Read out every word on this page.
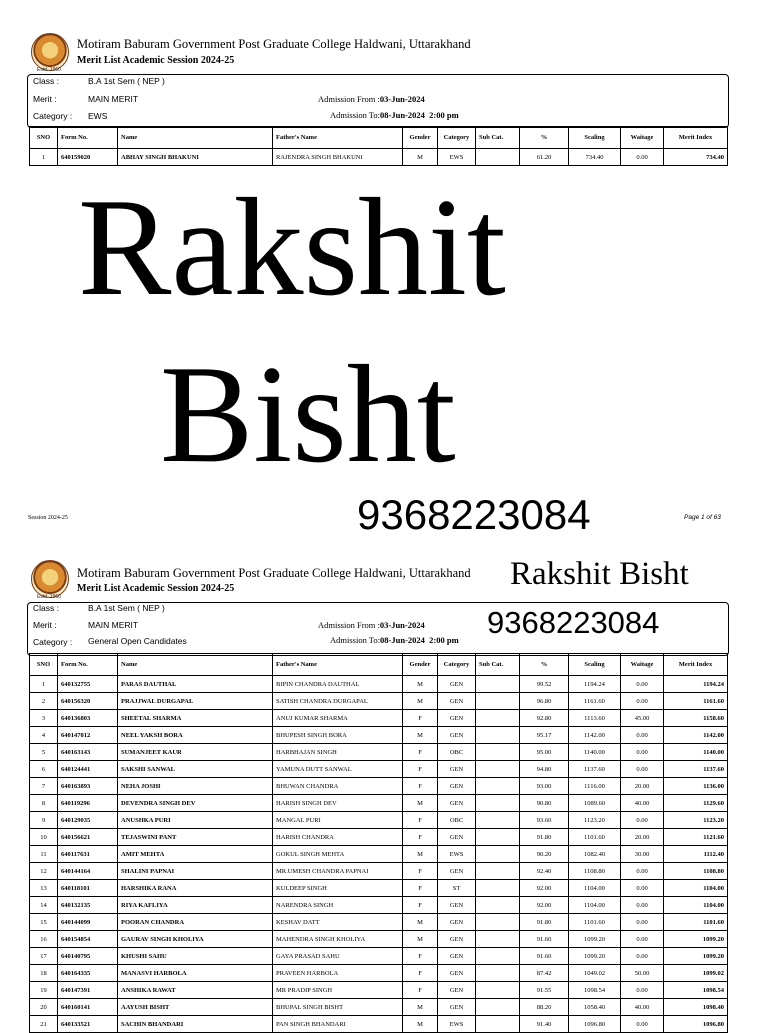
Estd. 1960
Motiram Baburam Government Post Graduate College Haldwani, Uttarakhand
Merit List Academic Session 2024-25
Class :	B.A 1st Sem ( NEP )
Merit :	MAIN MERIT
Category : EWS
Admission From :03-Jun-2024
Admission To:08-Jun-2024 2:00 pm
SNO	Form No.	Name	Father's Name	Gender	Category	Sub Cat.	%	Scaling	Waitage	Merit Index
1	640159020	ABHAY SINGH BHAKUNI	RAJENDRA SINGH BHAKUNI	M	EWS		61.20	734.40	0.00	734.40
Rakshit
Bisht
9368223084
Session 2024-25	Page 1 of 63
Estd. 1960
Motiram Baburam Government Post Graduate College Haldwani, Uttarakhand
Merit List Academic Session 2024-25	Rakshit Bisht
Class :	B.A 1st Sem ( NEP )
Merit :	MAIN MERIT
Category : General Open Candidates
Admission From :03-Jun-2024
Admission To:08-Jun-2024 2:00 pm 9368223084
SNO	Form No.	Name	Father's Name	Gender	Category	Sub Cat.	%	Scaling	Waitage	Merit Index
1	640132755	PARAS DAUTHAL	BIPIN CHANDRA DAUTHAL	M	GEN		99.52	1194.24	0.00	1194.24
2	640156320	PRAJJWAL DURGAPAL	SATISH CHANDRA DURGAPAL	M	GEN		96.80	1161.60	0.00	1161.60
3	640136803	SHEETAL SHARMA	ANUJ KUMAR SHARMA	F	GEN		92.80	1113.60	45.00	1158.60
4	640147012	NEEL YAKSH BORA	BHUPESH SINGH BORA	M	GEN		95.17	1142.00	0.00	1142.00
5	640163143	SUMANJEET KAUR	HARBHAJAN SINGH	F	OBC		95.00	1140.00	0.00	1140.00
6	640124441	SAKSHI SANWAL	YAMUNA DUTT SANWAL	F	GEN		94.80	1137.60	0.00	1137.60
7	640163893	NEHA JOSHI	BHUWAN CHANDRA	F	GEN		93.00	1116.00	20.00	1136.00
8	640119296	DEVENDRA SINGH DEV	HARISH SINGH DEV	M	GEN		90.80	1089.60	40.00	1129.60
9	640129035	ANUSHKA PURI	MANGAL PURI	F	OBC		93.60	1123.20	0.00	1123.20
10	640156621	TEJASWINI PANT	HARISH CHANDRA	F	GEN		91.80	1101.60	20.00	1121.60
11	640117631	AMIT MEHTA	GOKUL SINGH MEHTA	M	EWS		90.20	1082.40	30.00	1112.40
12	640144164	SHALINI PAPNAI	MR.UMESH CHANDRA PAPNAI	F	GEN		92.40	1108.80	0.00	1108.80
13	640118101	HARSHIKA RANA	KULDEEP SINGH	F	ST		92.00	1104.00	0.00	1104.00
14	640132135	RIYA KAFLIYA	NARENDRA SINGH	F	GEN		92.00	1104.00	0.00	1104.00
15	640144099	POORAN CHANDRA	KESHAV DATT	M	GEN		91.80	1101.60	0.00	1101.60
16	640154854	GAURAV SINGH KHOLIYA	MAHENDRA SINGH KHOLIYA	M	GEN		91.60	1099.20	0.00	1099.20
17	640140795	KHUSHI SAHU	GAYA PRASAD SAHU	F	GEN		91.60	1099.20	0.00	1099.20
18	640164335	MANASVI HARBOLA	PRAVEEN HARBOLA	F	GEN		87.42	1049.02	50.00	1099.02
19	640147391	ANSHIKA RAWAT	MR PRADIP SINGH	F	GEN		91.55	1098.54	0.00	1098.54
20	640160141	AAYUSH BISHT	BHUPAL SINGH BISHT	M	GEN		88.20	1058.40	40.00	1098.40
21	640133521	SACHIN BHANDARI	PAN SINGH BHANDARI	M	EWS		91.40	1096.80	0.00	1096.80
